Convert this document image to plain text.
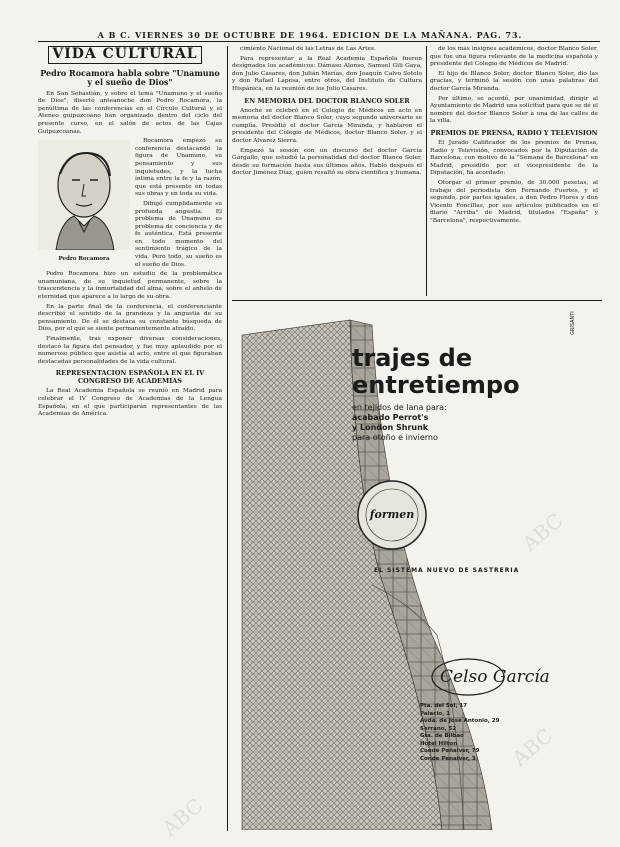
A B C. VIERNES 30 DE OCTUBRE DE 1964. EDICION DE LA MAÑANA. PAG. 73.
VIDA CULTURAL
Pedro Rocamora habla sobre "Unamuno y el sueño de Dios"

En San Sebastián, y sobre el tema "Unamuno y el sueño de Dios", disertó anteanoche don Pedro Rocamora, la penúltima de las conferencias en el Círculo Cultural y el Ateneo guipuzcoano han organizado dentro del ciclo del presente curso, en el salón de actos de las Cajas Guipuzcoanas.

Pedro Rocamora

Rocamora empezó su conferencia destacando la figura de Unamuno, su pensamiento y sus inquietudes, y la lucha íntima entre la fe y la razón, que está presente en todas sus obras y en toda su vida.

Dibujó cumplidamente su profunda angustia. El problema de Unamuno es problema de conciencia y de fe auténtica. Está presente en todo momento del sentimiento trágico de la vida. Pero todo, su sueño es el sueño de Dios.

Pedro Rocamora hizo un estudio de la problemática unamuniana, de su inquietud permanente, sobre la trascendencia y la inmortalidad del alma, sobre el anhelo de eternidad que aparece a lo largo de su obra.

En la parte final de la conferencia, el conferenciante describió el sentido de la grandeza y la angustia de su pensamiento. De él se destaca su constante búsqueda de Dios, por el que se siente permanentemente atraído.

Finalmente, tras exponer diversas consideraciones, destacó la figura del pensador, y fue muy aplaudido por el numeroso público que asistía al acto, entre el que figuraban destacadas personalidades de la vida cultural.

REPRESENTACION ESPAÑOLA EN EL IV CONGRESO DE ACADEMIAS

La Real Academia Española se reunió en Madrid para celebrar el IV Congreso de Academias de la Lengua Española, en el que participarán representantes de las Academias de América.

cimiento Nacional de las Letras de Las Artes.

Para representar a la Real Academia Española fueron designados los académicos: Dámaso Alonso, Samuel Gili Gaya, don Julio Casares, don Julián Marías, don Joaquín Calvo Sotelo y don Rafael Lapesa, entre otros, del Instituto de Cultura Hispánica, en la reunión de los Julio Casares.

EN MEMORIA DEL DOCTOR BLANCO SOLER

Anoche se celebró en el Colegio de Médicos un acto en memoria del doctor Blanco Soler, cuyo segundo aniversario se cumplía. Presidió el doctor García Miranda, y hablaron el presidente del Colegio de Médicos, doctor Blanco Soler, y el doctor Alvarez Sierra.

Empezó la sesión con un discurso del doctor García Gargallo, que estudió la personalidad del doctor Blanco Soler, desde su formación hasta sus últimos años. Habló después el doctor Jiménez Díaz, quien resaltó su obra científica y humana.

de los más insignes académicos, doctor Blanco Soler, que fue una figura relevante de la medicina española y presidente del Colegio de Médicos de Madrid.

El hijo de Blanco Soler, doctor Blanco Soler, dio las gracias, y terminó la sesión con unas palabras del doctor García Miranda.

Por último, se acordó, por unanimidad, dirigir al Ayuntamiento de Madrid una solicitud para que se dé el nombre del doctor Blanco Soler a una de las calles de la villa.

PREMIOS DE PRENSA, RADIO Y TELEVISION

El Jurado Calificador de los premios de Prensa, Radio y Televisión, convocados por la Diputación de Barcelona, con motivo de la "Semana de Barcelona" en Madrid, presidido por el vicepresidente de la Diputación, ha acordado:

Otorgar el primer premio, de 30.000 pesetas, al trabajo del periodista don Fernando Fuertes, y el segundo, por partes iguales, a don Pedro Flores y don Vicente Foncillas, por sus artículos publicados en el diario "Arriba" de Madrid, titulados "España" y "Barcelona", respectivamente.

formen
trajes de
entretiempo
en tejidos de lana para:
acabado Perrot's
y London Shrunk
para otoño e invierno
EL SISTEMA NUEVO DE SASTRERIA
Celso García
Pta. del Sol, 17
Palacio, 1
Avda. de José Antonio, 29
Serrano, 52
Gta. de Bilbao
Hotel Hilton
Conde Peñalver, 79
Conde Penalver, 3
GRISANTI
ABC
ABC
ABC
